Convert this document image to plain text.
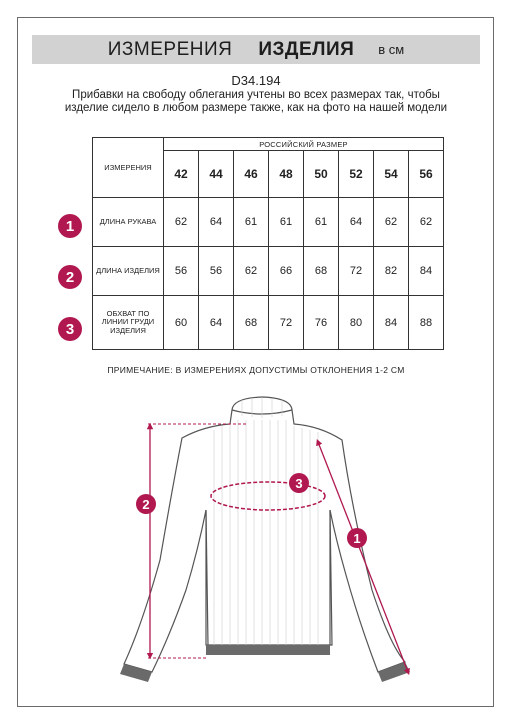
ИЗМЕРЕНИЯ ИЗДЕЛИЯ в см
D34.194
Прибавки на свободу облегания учтены во всех размерах так, чтобы изделие сидело в любом размере также, как на фото на нашей модели
ИЗМЕРЕНИЯ	РОССИЙСКИЙ РАЗМЕР							
	42	44	46	48	50	52	54	56
ДЛИНА РУКАВА	62	64	61	61	61	64	62	62
ДЛИНА ИЗДЕЛИЯ	56	56	62	66	68	72	82	84
ОБХВАТ ПО ЛИНИИ ГРУДИ ИЗДЕЛИЯ	60	64	68	72	76	80	84	88
1
2
3
ПРИМЕЧАНИЕ: В ИЗМЕРЕНИЯХ ДОПУСТИМЫ ОТКЛОНЕНИЯ 1-2 СМ
1
2
3
